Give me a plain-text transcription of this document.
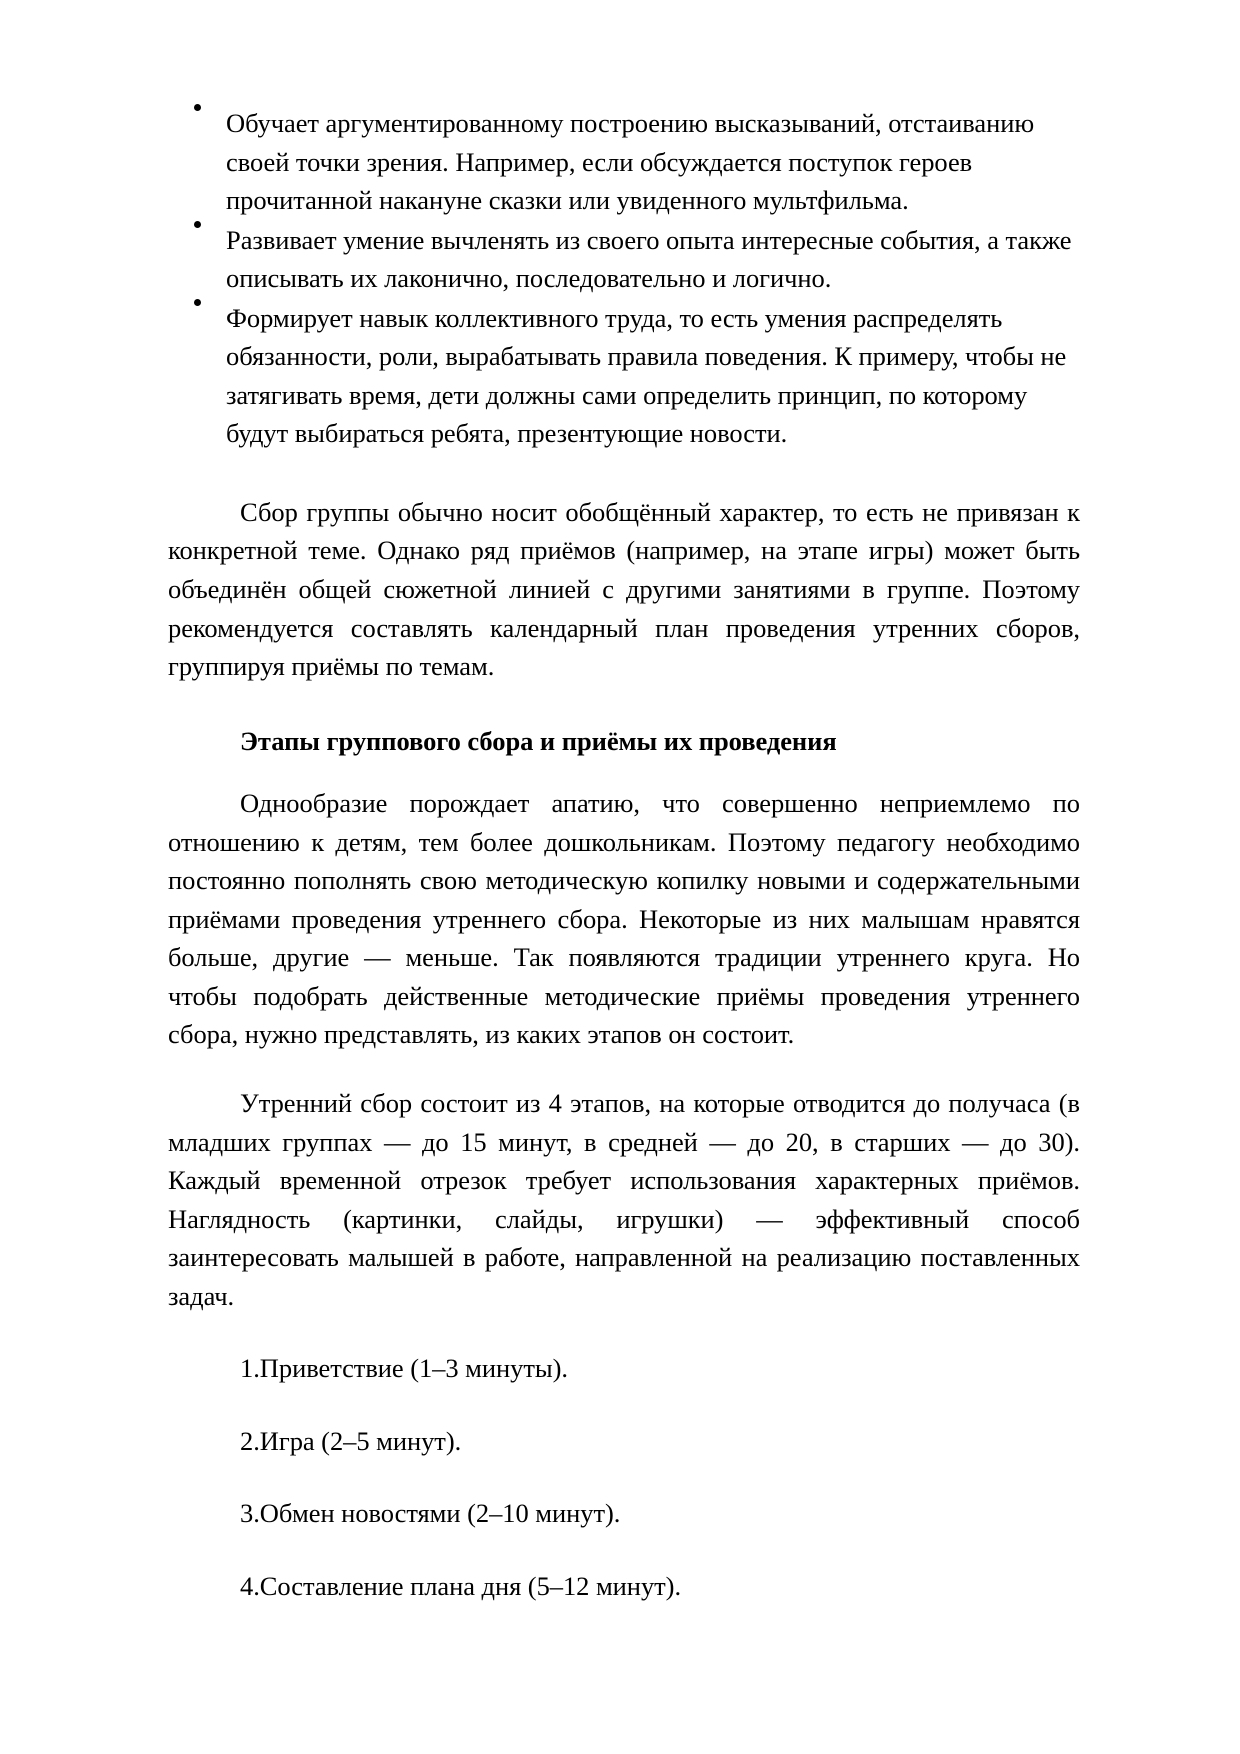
Обучает аргументированному построению высказываний, отстаиванию своей точки зрения. Например, если обсуждается поступок героев прочитанной накануне сказки или увиденного мультфильма.
Развивает умение вычленять из своего опыта интересные события, а также описывать их лаконично, последовательно и логично.
Формирует навык коллективного труда, то есть умения распределять обязанности, роли, вырабатывать правила поведения. К примеру, чтобы не затягивать время, дети должны сами определить принцип, по которому будут выбираться ребята, презентующие новости.

Сбор группы обычно носит обобщённый характер, то есть не привязан к конкретной теме. Однако ряд приёмов (например, на этапе игры) может быть объединён общей сюжетной линией с другими занятиями в группе. Поэтому рекомендуется составлять календарный план проведения утренних сборов, группируя приёмы по темам.

Этапы группового сбора и приёмы их проведения

Однообразие порождает апатию, что совершенно неприемлемо по отношению к детям, тем более дошкольникам. Поэтому педагогу необходимо постоянно пополнять свою методическую копилку новыми и содержательными приёмами проведения утреннего сбора. Некоторые из них малышам нравятся больше, другие — меньше. Так появляются традиции утреннего круга. Но чтобы подобрать действенные методические приёмы проведения утреннего сбора, нужно представлять, из каких этапов он состоит.

Утренний сбор состоит из 4 этапов, на которые отводится до получаса (в младших группах — до 15 минут, в средней — до 20, в старших — до 30). Каждый временной отрезок требует использования характерных приёмов. Наглядность (картинки, слайды, игрушки) — эффективный способ заинтересовать малышей в работе, направленной на реализацию поставленных задач.

1.Приветствие (1–3 минуты).
2.Игра (2–5 минут).
3.Обмен новостями (2–10 минут).
4.Составление плана дня (5–12 минут).
